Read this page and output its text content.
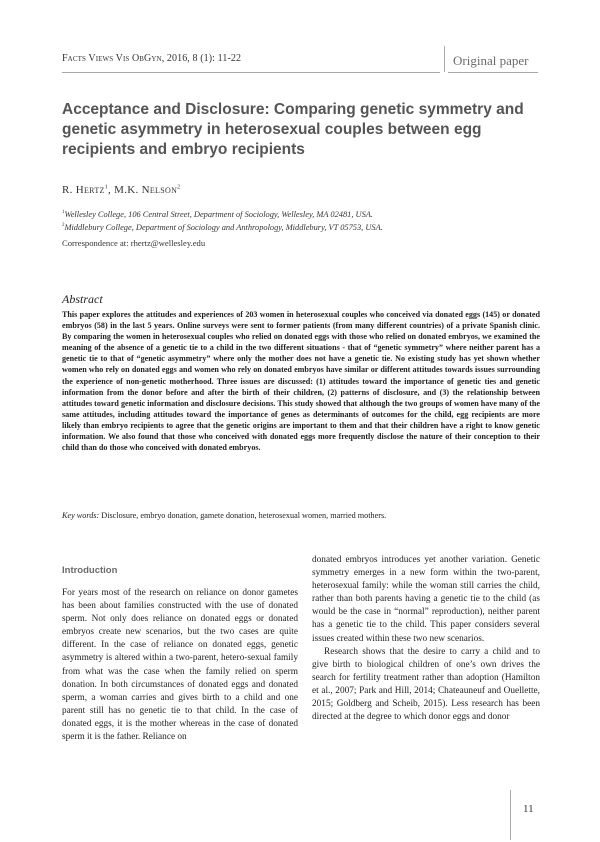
Facts Views Vis ObGyn, 2016, 8 (1): 11-22	Original paper
Acceptance and Disclosure: Comparing genetic symmetry and genetic asymmetry in heterosexual couples between egg recipients and embryo recipients
R. Hertz$^1$, M.K. Nelson$^2$
$^1$Wellesley College, 106 Central Street, Department of Sociology, Wellesley, MA 02481, USA.
$^2$Middlebury College, Department of Sociology and Anthropology, Middlebury, VT 05753, USA.
Correspondence at: rhertz@wellesley.edu
Abstract
This paper explores the attitudes and experiences of 203 women in heterosexual couples who conceived via donated eggs (145) or donated embryos (58) in the last 5 years. Online surveys were sent to former patients (from many different countries) of a private Spanish clinic. By comparing the women in heterosexual couples who relied on donated eggs with those who relied on donated embryos, we examined the meaning of the absence of a genetic tie to a child in the two different situations - that of “genetic symmetry” where neither parent has a genetic tie to that of “genetic asymmetry” where only the mother does not have a genetic tie. No existing study has yet shown whether women who rely on donated eggs and women who rely on donated embryos have similar or different attitudes towards issues surrounding the experience of non-genetic motherhood. Three issues are discussed: (1) attitudes toward the importance of genetic ties and genetic information from the donor before and after the birth of their children, (2) patterns of disclosure, and (3) the relationship between attitudes toward genetic information and disclosure decisions. This study showed that although the two groups of women have many of the same attitudes, including attitudes toward the importance of genes as determinants of outcomes for the child, egg recipients are more likely than embryo recipients to agree that the genetic origins are important to them and that their children have a right to know genetic information. We also found that those who conceived with donated eggs more frequently disclose the nature of their conception to their child than do those who conceived with donated embryos.
Key words: Disclosure, embryo donation, gamete donation, heterosexual women, married mothers.
Introduction

For years most of the research on reliance on donor gametes has been about families constructed with the use of donated sperm. Not only does reliance on donated eggs or donated embryos create new scenarios, but the two cases are quite different. In the case of reliance on donated eggs, genetic asymmetry is altered within a two-parent, hetero-sexual family from what was the case when the family relied on sperm donation. In both circumstances of donated eggs and donated sperm, a woman carries and gives birth to a child and one parent still has no genetic tie to that child. In the case of donated eggs, it is the mother whereas in the case of donated sperm it is the father. Reliance on

donated embryos introduces yet another variation. Genetic symmetry emerges in a new form within the two-parent, heterosexual family: while the woman still carries the child, rather than both parents having a genetic tie to the child (as would be the case in “normal” reproduction), neither parent has a genetic tie to the child. This paper considers several issues created within these two new scenarios.

Research shows that the desire to carry a child and to give birth to biological children of one’s own drives the search for fertility treatment rather than adoption (Hamilton et al., 2007; Park and Hill, 2014; Chateauneuf and Ouellette, 2015; Goldberg and Scheib, 2015). Less research has been directed at the degree to which donor eggs and donor

11
